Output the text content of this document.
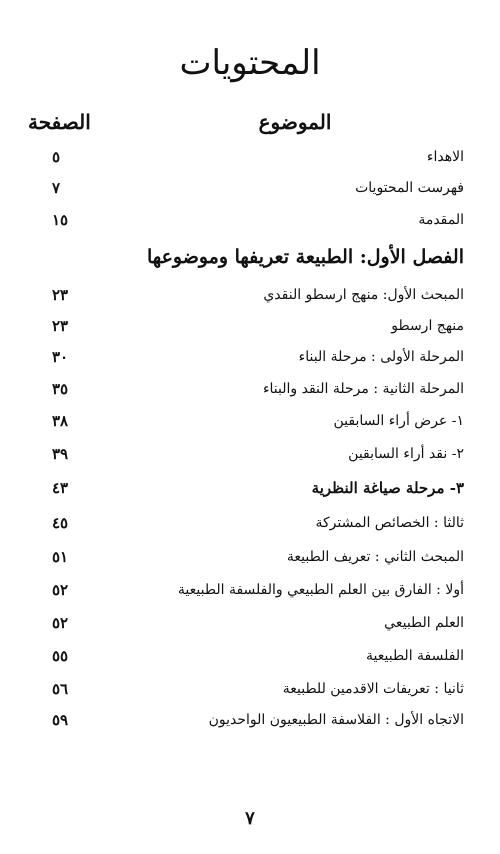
المحتويات
الموضوع
الصفحة
الاهداء
٥
فهرست المحتويات
٧
المقدمة
١٥
الفصل الأول: الطبيعة تعريفها وموضوعها
المبحث الأول: منهج ارسطو النقدي
٢٣
منهج ارسطو
٢٣
المرحلة الأولى : مرحلة البناء
٣٠
المرحلة الثانية : مرحلة النقد والبناء
٣٥
١- عرض أراء السابقين
٣٨
٢- نقد أراء السابقين
٣٩
٣- مرحلة صياغة النظرية
٤٣
ثالثا : الخصائص المشتركة
٤٥
المبحث الثاني : تعريف الطبيعة
٥١
أولا : الفارق بين العلم الطبيعي والفلسفة الطبيعية
٥٢
العلم الطبيعي
٥٢
الفلسفة الطبيعية
٥٥
ثانيا : تعريفات الاقدمين للطبيعة
٥٦
الاتجاه الأول : الفلاسفة الطبيعيون الواحديون
٥٩
٧
